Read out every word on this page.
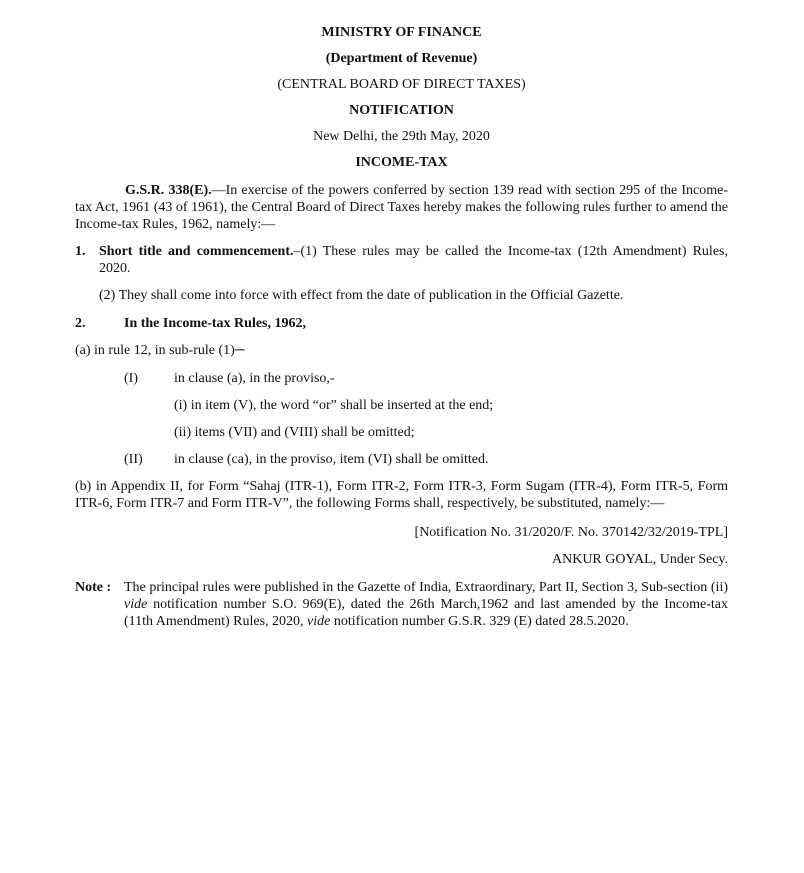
MINISTRY OF FINANCE
(Department of Revenue)
(CENTRAL BOARD OF DIRECT TAXES)
NOTIFICATION
New Delhi, the 29th May, 2020
INCOME-TAX

G.S.R. 338(E).—In exercise of the powers conferred by section 139 read with section 295 of the Income-tax Act, 1961 (43 of 1961), the Central Board of Direct Taxes hereby makes the following rules further to amend the Income-tax Rules, 1962, namely:—

1. Short title and commencement.–(1) These rules may be called the Income-tax (12th Amendment) Rules, 2020.

(2) They shall come into force with effect from the date of publication in the Official Gazette.

2.	In the Income-tax Rules, 1962,

(a) in rule 12, in sub-rule (1)─

(I)	in clause (a), in the proviso,-
(i) in item (V), the word “or” shall be inserted at the end;
(ii) items (VII) and (VIII) shall be omitted;
(II)	in clause (ca), in the proviso, item (VI) shall be omitted.

(b) in Appendix II, for Form “Sahaj (ITR-1), Form ITR-2, Form ITR-3, Form Sugam (ITR-4), Form ITR-5, Form ITR-6, Form ITR-7 and Form ITR-V”, the following Forms shall, respectively, be substituted, namely:—

[Notification No. 31/2020/F. No. 370142/32/2019-TPL]

ANKUR GOYAL, Under Secy.

Note : The principal rules were published in the Gazette of India, Extraordinary, Part II, Section 3, Sub-section (ii) vide notification number S.O. 969(E), dated the 26th March,1962 and last amended by the Income-tax (11th Amendment) Rules, 2020, vide notification number G.S.R. 329 (E) dated 28.5.2020.
